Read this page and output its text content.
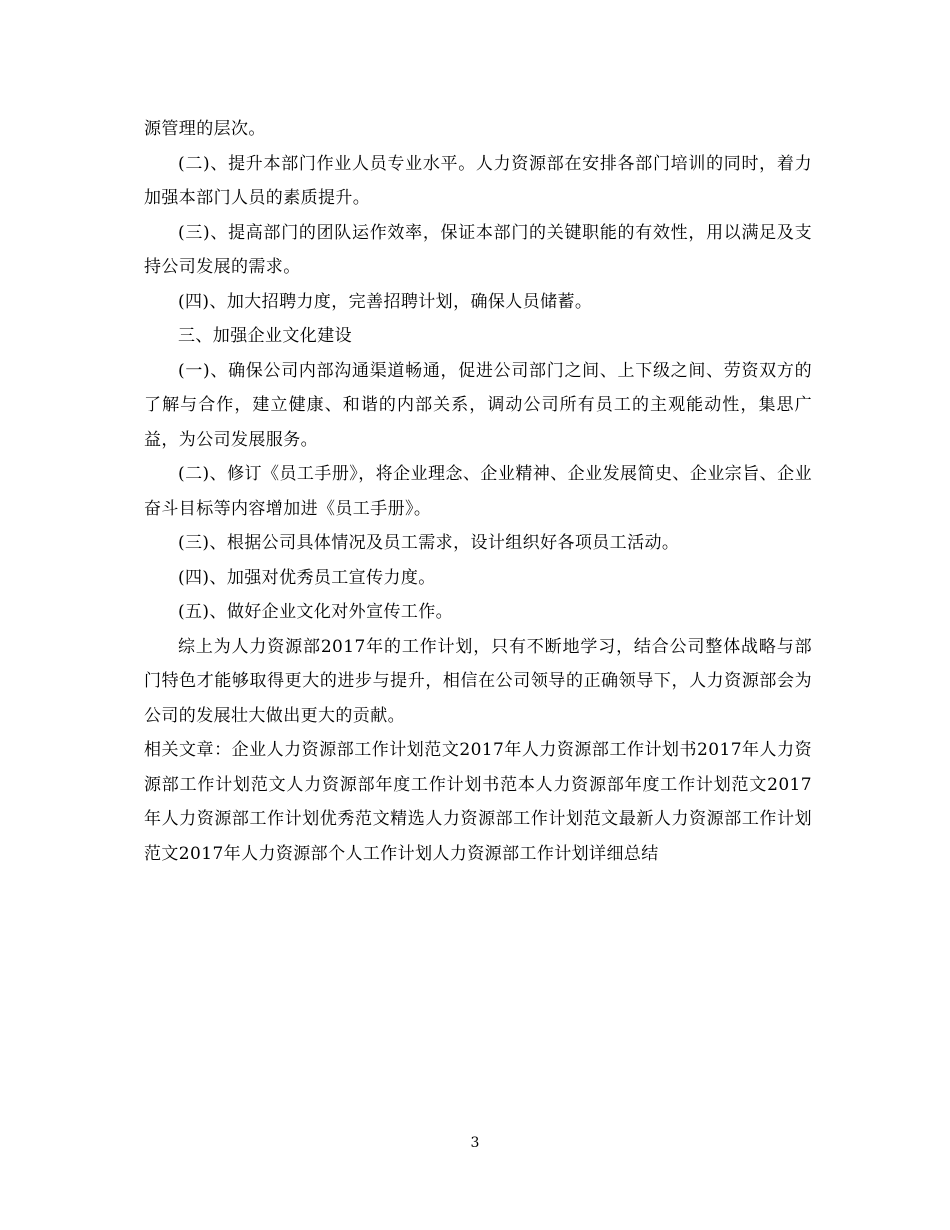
源管理的层次。

(二)、提升本部门作业人员专业水平。人力资源部在安排各部门培训的同时，着力加强本部门人员的素质提升。

(三)、提高部门的团队运作效率，保证本部门的关键职能的有效性，用以满足及支持公司发展的需求。

(四)、加大招聘力度，完善招聘计划，确保人员储蓄。

三、加强企业文化建设

(一)、确保公司内部沟通渠道畅通，促进公司部门之间、上下级之间、劳资双方的了解与合作，建立健康、和谐的内部关系，调动公司所有员工的主观能动性，集思广益，为公司发展服务。

(二)、修订《员工手册》，将企业理念、企业精神、企业发展简史、企业宗旨、企业奋斗目标等内容增加进《员工手册》。

(三)、根据公司具体情况及员工需求，设计组织好各项员工活动。

(四)、加强对优秀员工宣传力度。

(五)、做好企业文化对外宣传工作。

综上为人力资源部2017年的工作计划，只有不断地学习，结合公司整体战略与部门特色才能够取得更大的进步与提升，相信在公司领导的正确领导下，人力资源部会为公司的发展壮大做出更大的贡献。

相关文章：企业人力资源部工作计划范文2017年人力资源部工作计划书2017年人力资源部工作计划范文人力资源部年度工作计划书范本人力资源部年度工作计划范文2017年人力资源部工作计划优秀范文精选人力资源部工作计划范文最新人力资源部工作计划范文2017年人力资源部个人工作计划人力资源部工作计划详细总结

3
